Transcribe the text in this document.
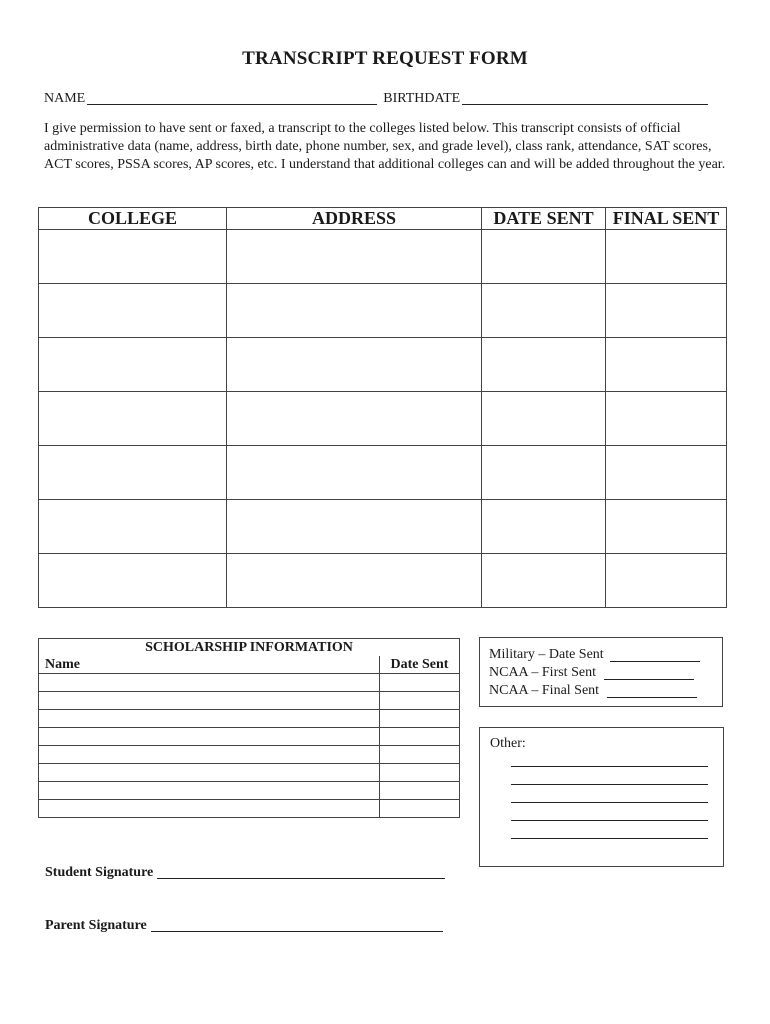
TRANSCRIPT REQUEST FORM
NAME	BIRTHDATE
I give permission to have sent or faxed, a transcript to the colleges listed below. This transcript consists of official administrative data (name, address, birth date, phone number, sex, and grade level), class rank, attendance, SAT scores, ACT scores, PSSA scores, AP scores, etc. I understand that additional colleges can and will be added throughout the year.
COLLEGE	ADDRESS	DATE SENT	FINAL SENT

SCHOLARSHIP INFORMATION	
Name	Date Sent

Military – Date Sent
NCAA – First Sent
NCAA – Final Sent
Other:
Student Signature
Parent Signature
